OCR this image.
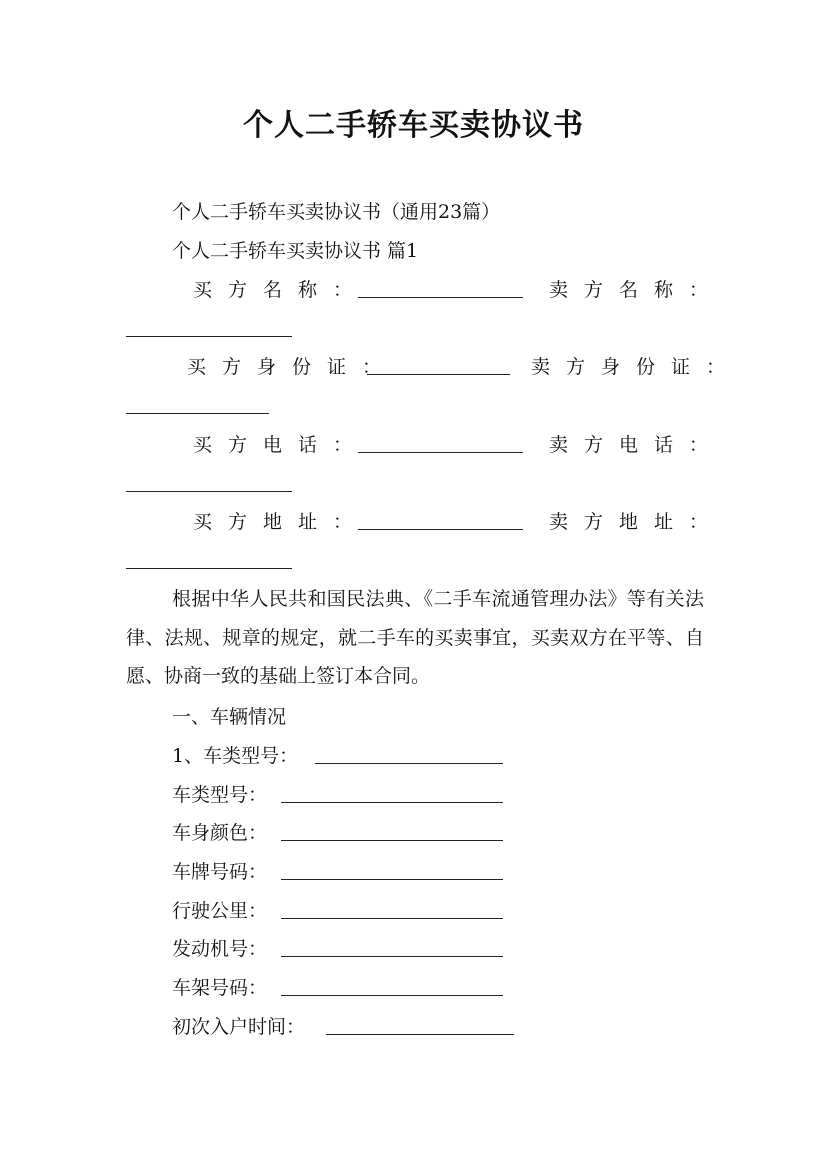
个人二手轿车买卖协议书
个人二手轿车买卖协议书（通用23篇）
个人二手轿车买卖协议书 篇1
买方名称：	卖方名称：
买方身份证：	卖方身份证：
买方电话：	卖方电话：
买方地址：	卖方地址：
根据中华人民共和国民法典、《二手车流通管理办法》等有关法律、法规、规章的规定，就二手车的买卖事宜，买卖双方在平等、自愿、协商一致的基础上签订本合同。
一、车辆情况
1、车类型号：
车类型号：
车身颜色：
车牌号码：
行驶公里：
发动机号：
车架号码：
初次入户时间：
